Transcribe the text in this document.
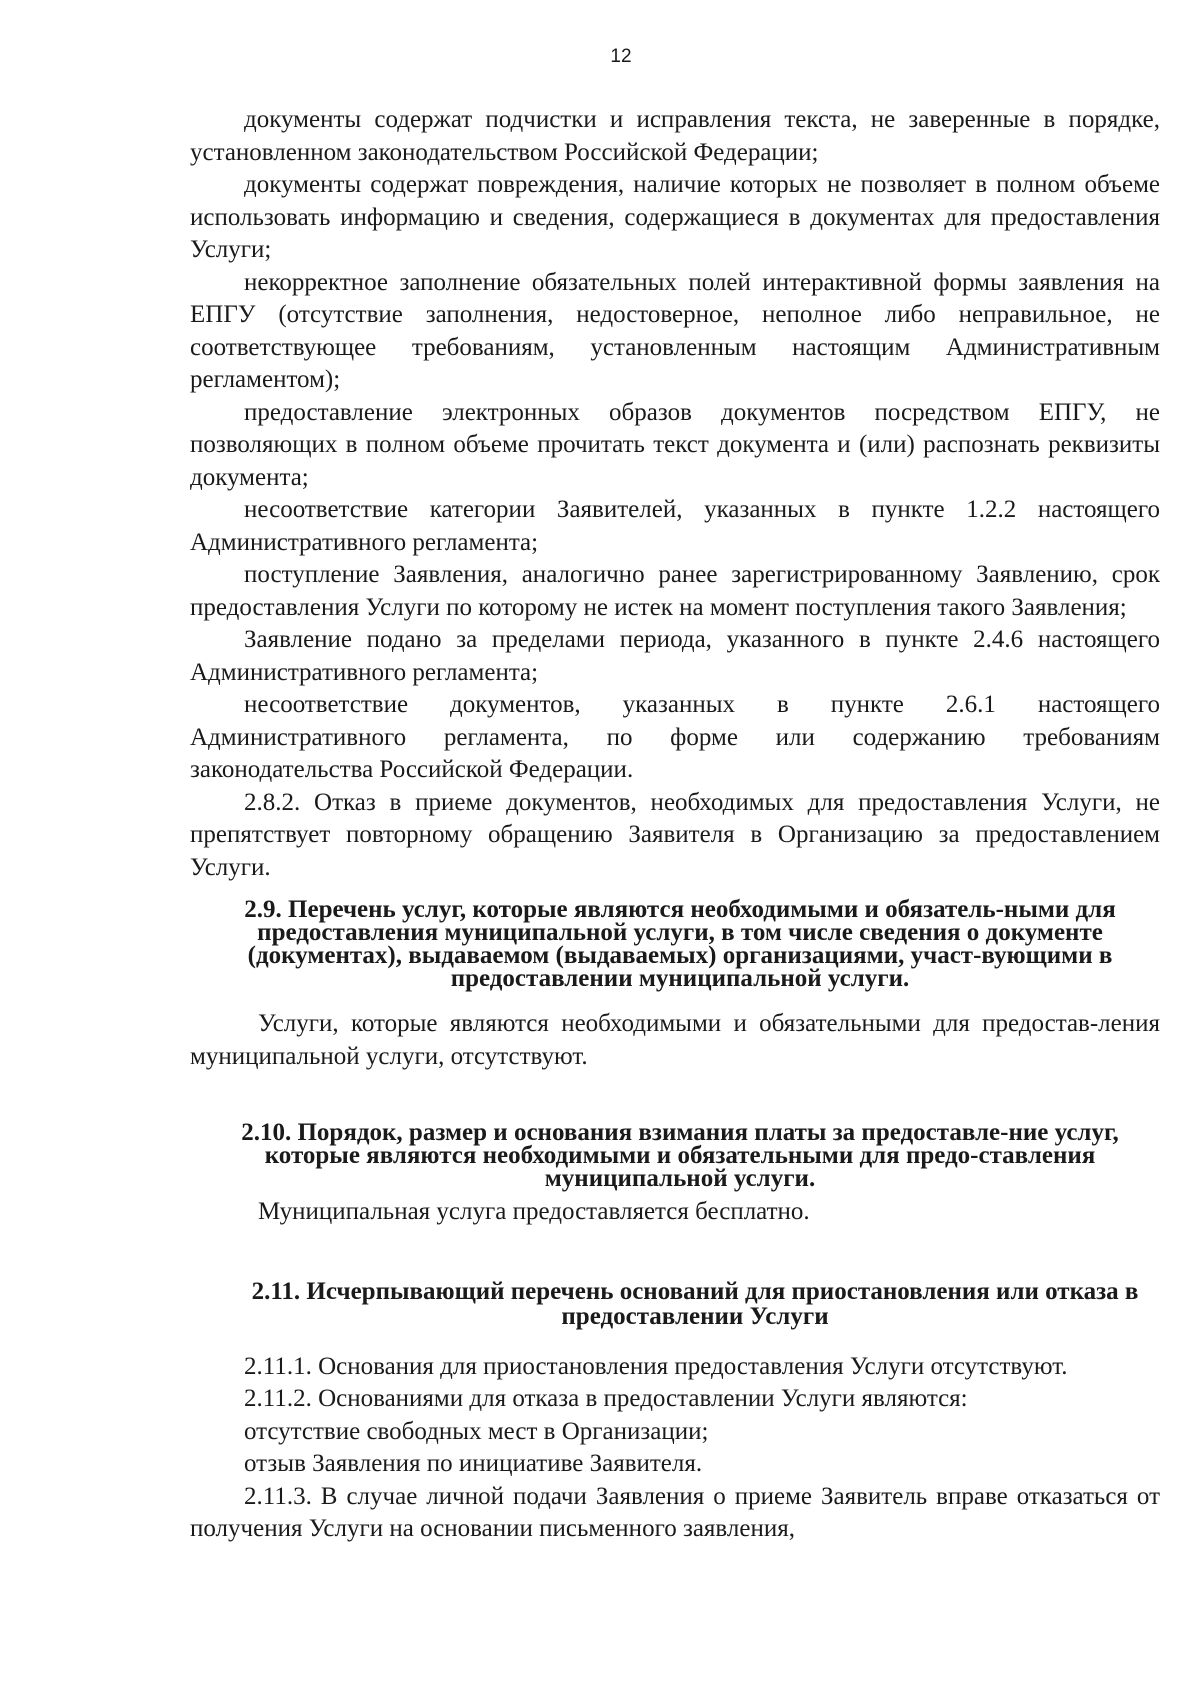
12

документы содержат подчистки и исправления текста, не заверенные в порядке, установленном законодательством Российской Федерации;

документы содержат повреждения, наличие которых не позволяет в полном объеме использовать информацию и сведения, содержащиеся в документах для предоставления Услуги;

некорректное заполнение обязательных полей интерактивной формы заявления на ЕПГУ (отсутствие заполнения, недостоверное, неполное либо неправильное, не соответствующее требованиям, установленным настоящим Административным регламентом);

предоставление электронных образов документов посредством ЕПГУ, не позволяющих в полном объеме прочитать текст документа и (или) распознать реквизиты документа;

несоответствие категории Заявителей, указанных в пункте 1.2.2 настоящего Административного регламента;

поступление Заявления, аналогично ранее зарегистрированному Заявлению, срок предоставления Услуги по которому не истек на момент поступления такого Заявления;

Заявление подано за пределами периода, указанного в пункте 2.4.6 настоящего Административного регламента;

несоответствие документов, указанных в пункте 2.6.1 настоящего Административного регламента, по форме или содержанию требованиям законодательства Российской Федерации.

2.8.2. Отказ в приеме документов, необходимых для предоставления Услуги, не препятствует повторному обращению Заявителя в Организацию за предоставлением Услуги.

2.9. Перечень услуг, которые являются необходимыми и обязатель-ными для предоставления муниципальной услуги, в том числе сведения о документе (документах), выдаваемом (выдаваемых) организациями, участ-вующими в предоставлении муниципальной услуги.

Услуги, которые являются необходимыми и обязательными для предостав-ления муниципальной услуги, отсутствуют.

2.10. Порядок, размер и основания взимания платы за предоставле-ние услуг, которые являются необходимыми и обязательными для предо-ставления муниципальной услуги.

Муниципальная услуга предоставляется бесплатно.

2.11. Исчерпывающий перечень оснований для приостановления или отказа в предоставлении Услуги

2.11.1. Основания для приостановления предоставления Услуги отсутствуют.

2.11.2. Основаниями для отказа в предоставлении Услуги являются:

отсутствие свободных мест в Организации;

отзыв Заявления по инициативе Заявителя.

2.11.3. В случае личной подачи Заявления о приеме Заявитель вправе отказаться от получения Услуги на основании письменного заявления,
